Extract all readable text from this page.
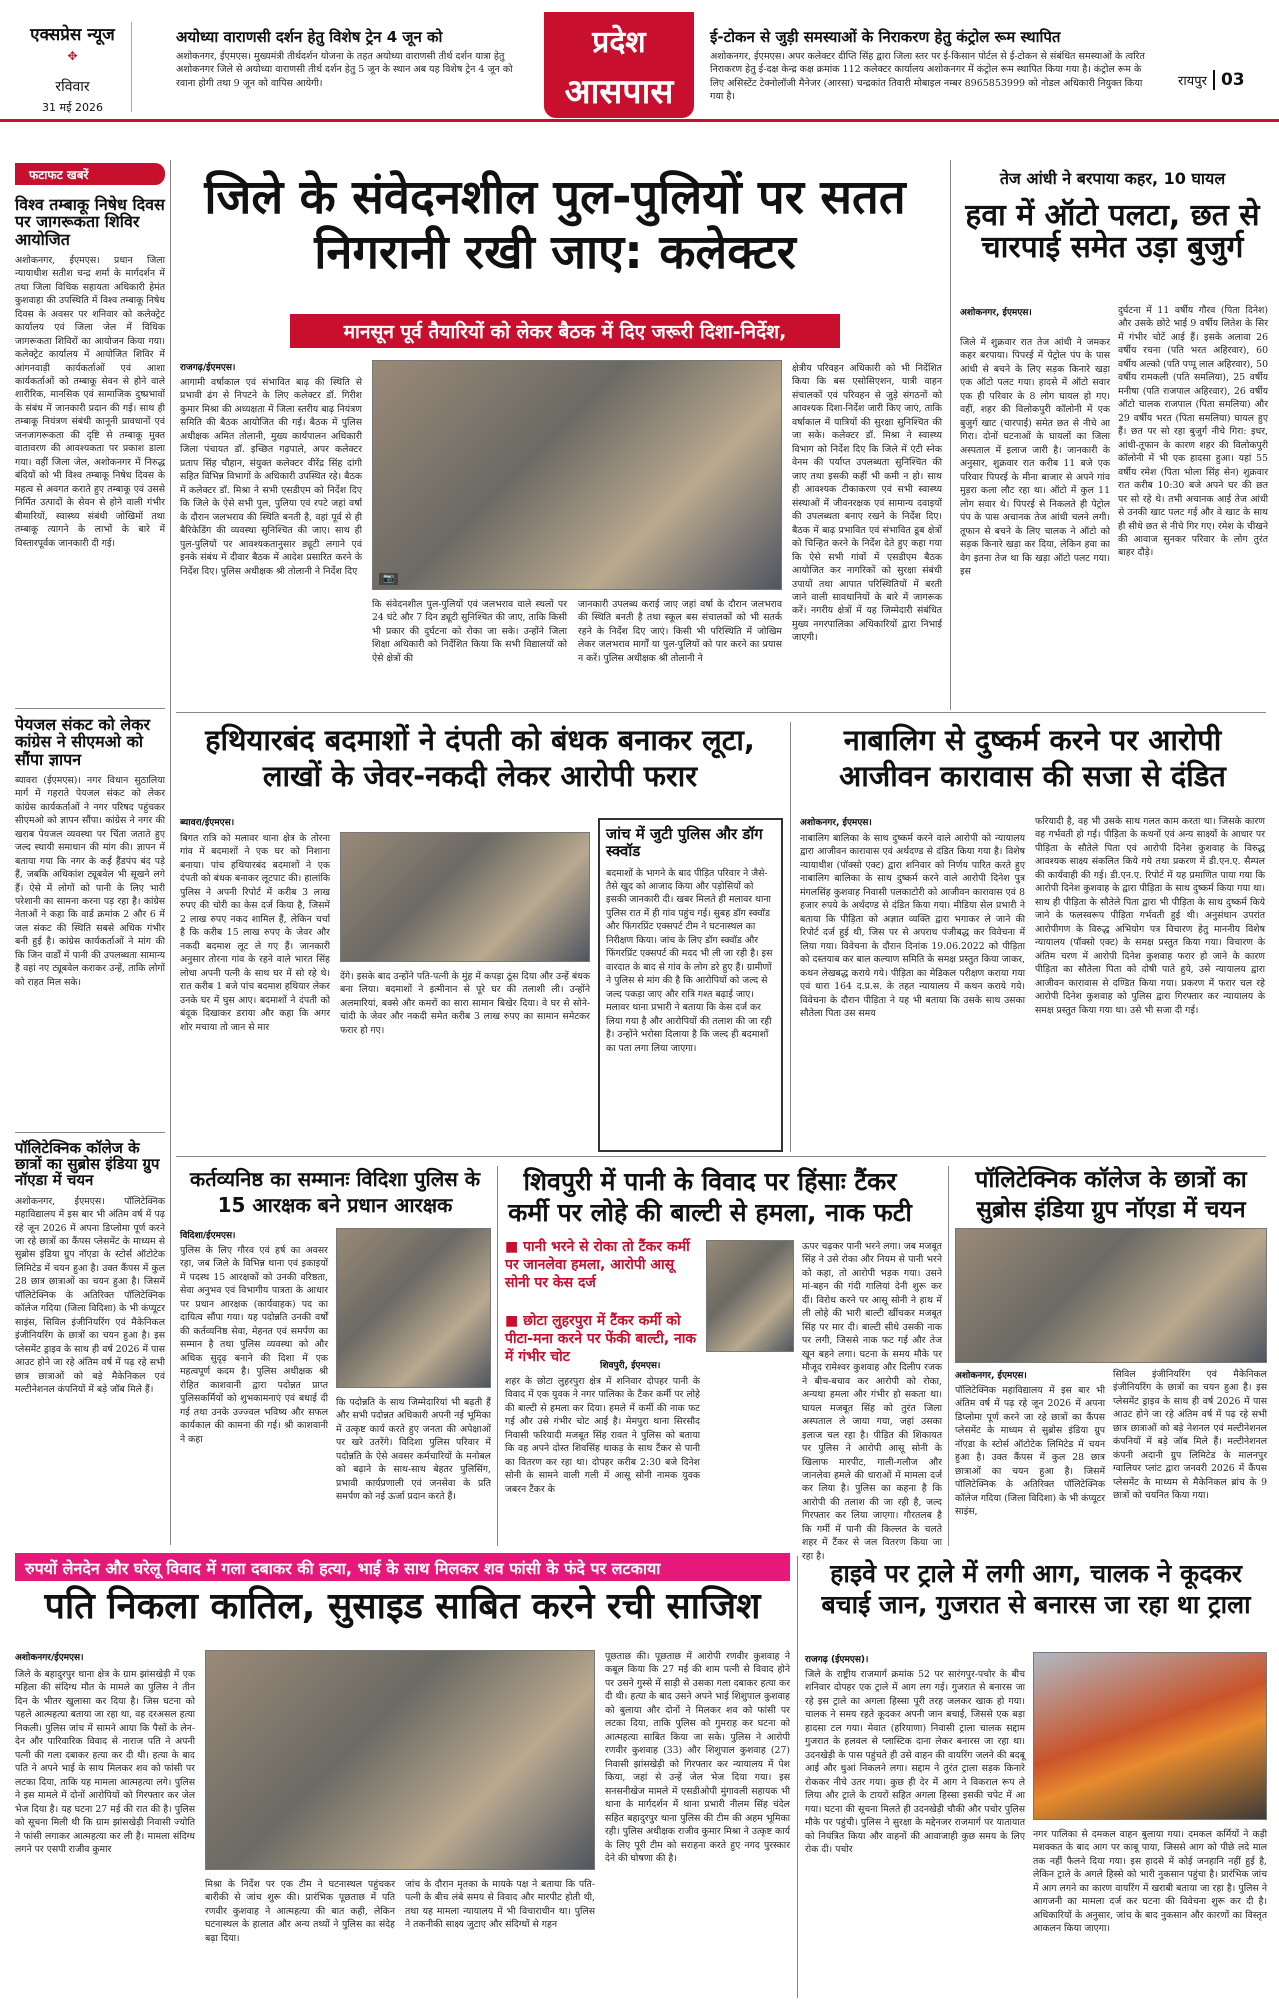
एक्सप्रेस न्यूज
✥
रविवार
31 मई 2026
अयोध्या वाराणसी दर्शन हेतु विशेष ट्रेन 4 जून को

अशोकनगर, ईएमएस। मुख्यमंत्री तीर्थदर्शन योजना के तहत अयोध्या वाराणसी तीर्थ दर्शन यात्रा हेतु अशोकनगर जिले से अयोध्या वाराणसी तीर्थ दर्शन हेतु 5 जून के स्थान अब यह विशेष ट्रेन 4 जून को रवाना होगी तथा 9 जून को वापिस आयेगी।

प्रदेश
आसपास
ई-टोकन से जुड़ी समस्याओं के निराकरण हेतु कंट्रोल रूम स्थापित

अशोकनगर, ईएमएस। अपर कलेक्टर दीप्ति सिंह द्वारा जिला स्तर पर ई-किसान पोर्टल से ई-टोकन से संबंधित समस्याओं के त्वरित निराकरण हेतु ई-दक्ष केन्द्र कक्ष क्रमांक 112 कलेक्टर कार्यालय अशोकनगर में कंट्रोल रूम स्थापित किया गया है। कंट्रोल रूम के लिए असिस्टेंट टेक्नोलॉजी मैनेजर (आरसा) चन्द्रकांत तिवारी मोबाइल नम्बर 8965853999 को नोडल अधिकारी नियुक्त किया गया है।

रायपुर 03
फटाफट खबरें
विश्व तम्बाकू निषेध दिवस पर जागरूकता शिविर आयोजित
अशोकनगर, ईएमएस। प्रधान जिला न्यायाधीश सतीश चन्द्र शर्मा के मार्गदर्शन में तथा जिला विधिक सहायता अधिकारी हेमंत कुशवाहा की उपस्थिति में विश्व तम्बाकू निषेध दिवस के अवसर पर शनिवार को कलेक्ट्रेट कार्यालय एवं जिला जेल में विधिक जागरूकता शिविरों का आयोजन किया गया। कलेक्ट्रेट कार्यालय में आयोजित शिविर में आंगनवाड़ी कार्यकर्ताओं एवं आशा कार्यकर्ताओं को तम्बाकू सेवन से होने वाले शारीरिक, मानसिक एवं सामाजिक दुष्प्रभावों के संबंध में जानकारी प्रदान की गई। साथ ही तम्बाकू नियंत्रण संबंधी कानूनी प्रावधानों एवं जनजागरूकता की दृष्टि से तम्बाकू मुक्त वातावरण की आवश्यकता पर प्रकाश डाला गया। वहीं जिला जेल, अशोकनगर में निरुद्ध बंदियों को भी विश्व तम्बाकू निषेध दिवस के महत्व से अवगत कराते हुए तम्बाकू एवं उससे निर्मित उत्पादों के सेवन से होने वाली गंभीर बीमारियों, स्वास्थ्य संबंधी जोखिमों तथा तम्बाकू त्यागने के लाभों के बारे में विस्तारपूर्वक जानकारी दी गई।
पेयजल संकट को लेकर कांग्रेस ने सीएमओ को सौंपा ज्ञापन
ब्यावरा (ईएमएस)। नगर विधान सुठालिया मार्ग में गहराते पेयजल संकट को लेकर कांग्रेस कार्यकर्ताओं ने नगर परिषद पहुंचकर सीएमओ को ज्ञापन सौंपा। कांग्रेस ने नगर की खराब पेयजल व्यवस्था पर चिंता जताते हुए जल्द स्थायी समाधान की मांग की। ज्ञापन में बताया गया कि नगर के कई हैंडपंप बंद पड़े हैं, जबकि अधिकांश ट्यूबवेल भी सूखने लगे हैं। ऐसे में लोगों को पानी के लिए भारी परेशानी का सामना करना पड़ रहा है। कांग्रेस नेताओं ने कहा कि वार्ड क्रमांक 2 और 6 में जल संकट की स्थिति सबसे अधिक गंभीर बनी हुई है। कांग्रेस कार्यकर्ताओं ने मांग की कि जिन वार्डों में पानी की उपलब्धता सामान्य है वहां नए ट्यूबवेल कराकर उन्हें, ताकि लोगों को राहत मिल सके।
पॉलिटेक्निक कॉलेज के छात्रों का सुब्रोस इंडिया ग्रुप नॉएडा में चयन
अशोकनगर, ईएमएस। पॉलिटेक्निक महाविद्यालय में इस बार भी अंतिम वर्ष में पढ़ रहे जून 2026 में अपना डिप्लोमा पूर्ण करने जा रहे छात्रों का कैंपस प्लेसमेंट के माध्यम से सुब्रोस इंडिया ग्रुप नॉएडा के स्टोर्स ऑटोटेक लिमिटेड में चयन हुआ है। उक्त कैंपस में कुल 28 छात्र छात्राओं का चयन हुआ है। जिसमें पॉलिटेक्निक के अतिरिक्त पॉलिटेक्निक कॉलेज गदिया (जिला विदिशा) के भी कंप्यूटर साइंस, सिविल इंजीनियरिंग एवं मैकेनिकल इंजीनियरिंग के छात्रों का चयन हुआ है। इस प्लेसमेंट ड्राइव के साथ ही वर्ष 2026 में पास आउट होने जा रहे अंतिम वर्ष में पढ़ रहे सभी छात्र छात्राओं को बड़े मैकेनिकल एवं मल्टीनेशनल कंपनियों में बड़े जॉब मिले हैं।
जिले के संवेदनशील पुल-पुलियों पर सतत निगरानी रखी जाए: कलेक्टर
मानसून पूर्व तैयारियों को लेकर बैठक में दिए जरूरी दिशा-निर्देश,
राजगढ़/ईएमएस।
आगामी वर्षाकाल एवं संभावित बाढ़ की स्थिति से प्रभावी ढंग से निपटने के लिए कलेक्टर डॉ. गिरीश कुमार मिश्रा की अध्यक्षता में जिला स्तरीय बाढ़ नियंत्रण समिति की बैठक आयोजित की गई। बैठक में पुलिस अधीक्षक अमित तोलानी, मुख्य कार्यपालन अधिकारी जिला पंचायत डॉ. इच्छित गढ़पाले, अपर कलेक्टर प्रताप सिंह चौहान, संयुक्त कलेक्टर वीरेंद्र सिंह दांगी सहित विभिन्न विभागों के अधिकारी उपस्थित रहे। बैठक में कलेक्टर डॉ. मिश्रा ने सभी एसडीएम को निर्देश दिए कि जिले के ऐसे सभी पुल, पुलिया एवं रपटे जहां वर्षा के दौरान जलभराव की स्थिति बनती है, वहां पूर्व से ही बैरिकेडिंग की व्यवस्था सुनिश्चित की जाए। साथ ही पुल-पुलियों पर आवश्यकतानुसार ड्यूटी लगाने एवं इनके संबंध में दीवार बैठक में आदेश प्रसारित करने के निर्देश दिए। पुलिस अधीक्षक श्री तोलानी ने निर्देश दिए
📷
कि संवेदनशील पुल-पुलियों एवं जलभराव वाले स्थलों पर 24 घंटे और 7 दिन ड्यूटी सुनिश्चित की जाए, ताकि किसी भी प्रकार की दुर्घटना को रोका जा सके। उन्होंने जिला शिक्षा अधिकारी को निर्देशित किया कि सभी विद्यालयों को ऐसे क्षेत्रों की
जानकारी उपलब्ध कराई जाए जहां वर्षा के दौरान जलभराव की स्थिति बनती है तथा स्कूल बस संचालकों को भी सतर्क रहने के निर्देश दिए जाएं। किसी भी परिस्थिति में जोखिम लेकर जलभराव मार्गों या पुल-पुलियों को पार करने का प्रयास न करें। पुलिस अधीक्षक श्री तोलानी ने
क्षेत्रीय परिवहन अधिकारी को भी निर्देशित किया कि बस एसोसिएशन, यात्री वाहन संचालकों एवं परिवहन से जुड़े संगठनों को आवश्यक दिशा-निर्देश जारी किए जाएं, ताकि वर्षाकाल में यात्रियों की सुरक्षा सुनिश्चित की जा सके। कलेक्टर डॉ. मिश्रा ने स्वास्थ्य विभाग को निर्देश दिए कि जिले में एंटी स्नेक वेनम की पर्याप्त उपलब्धता सुनिश्चित की जाए तथा इसकी कहीं भी कमी न हो। साथ ही आवश्यक टीकाकरण एवं सभी स्वास्थ्य संस्थाओं में जीवनरक्षक एवं सामान्य दवाइयों की उपलब्धता बनाए रखने के निर्देश दिए। बैठक में बाढ़ प्रभावित एवं संभावित डूब क्षेत्रों को चिन्हित करने के निर्देश देते हुए कहा गया कि ऐसे सभी गांवों में एसडीएम बैठक आयोजित कर नागरिकों को सुरक्षा संबंधी उपायों तथा आपात परिस्थितियों में बरती जाने वाली सावधानियों के बारे में जागरूक करें। नगरीय क्षेत्रों में यह जिम्मेदारी संबंधित मुख्य नगरपालिका अधिकारियों द्वारा निभाई जाएगी।
तेज आंधी ने बरपाया कहर, 10 घायल
हवा में ऑटो पलटा, छत से चारपाई समेत उड़ा बुजुर्ग
अशोकनगर, ईएमएस।
जिले में शुक्रवार रात तेज आंधी ने जमकर कहर बरपाया। पिपरई में पेट्रोल पंप के पास आंधी से बचने के लिए सड़क किनारे खड़ा एक ऑटो पलट गया। हादसे में ऑटो सवार एक ही परिवार के 8 लोग घायल हो गए। वहीं, शहर की विलोकपुरी कॉलोनी में एक बुजुर्ग खाट (चारपाई) समेत छत से नीचे आ गिरा। दोनों घटनाओं के घायलों का जिला अस्पताल में इलाज जारी है। जानकारी के अनुसार, शुक्रवार रात करीब 11 बजे एक परिवार पिपरई के मीना बाजार से अपने गांव मुड़रा कला लौट रहा था। ऑटो में कुल 11 लोग सवार थे। पिपरई से निकलते ही पेट्रोल पंप के पास अचानक तेज आंधी चलने लगी। तूफान से बचने के लिए चालक ने ऑटो को सड़क किनारे खड़ा कर दिया, लेकिन हवा का वेग इतना तेज था कि खड़ा ऑटो पलट गया। इस
दुर्घटना में 11 वर्षीय गौरव (पिता दिनेश) और उसके छोटे भाई 9 वर्षीय लितेश के सिर में गंभीर चोटें आई हैं। इसके अलावा 26 वर्षीय रचना (पति भरत अहिरवार), 60 वर्षीय अल्को (पति पप्पू लाल अहिरवार), 50 वर्षीय रामकली (पति समलिया), 25 वर्षीय मनीषा (पति राजपाल अहिरवार), 26 वर्षीय ऑटो चालक राजपाल (पिता समलिया) और 29 वर्षीय भरत (पिता समलिया) घायल हुए हैं। छत पर सो रहा बुजुर्ग नीचे गिरा: इधर, आंधी-तूफान के कारण शहर की विलोकपुरी कॉलोनी में भी एक हादसा हुआ। यहां 55 वर्षीय रमेश (पिता भोला सिंह सेन) शुक्रवार रात करीब 10:30 बजे अपने घर की छत पर सो रहे थे। तभी अचानक आई तेज आंधी से उनकी खाट पलट गई और वे खाट के साथ ही सीधे छत से नीचे गिर गए। रमेश के चीखने की आवाज सुनकर परिवार के लोग तुरंत बाहर दौड़े।
हथियारबंद बदमाशों ने दंपती को बंधक बनाकर लूटा, लाखों के जेवर-नकदी लेकर आरोपी फरार
ब्यावरा/ईएमएस।
बिगत रात्रि को मलावर थाना क्षेत्र के तोरना गांव में बदमाशों ने एक घर को निशाना बनाया। पांच हथियारबंद बदमाशों ने एक दंपती को बंधक बनाकर लूटपाट की। हालांकि पुलिस ने अपनी रिपोर्ट में करीब 3 लाख रुपए की चोरी का केस दर्ज किया है, जिसमें 2 लाख रुपए नकद शामिल हैं, लेकिन चर्चा है कि करीब 15 लाख रुपए के जेवर और नकदी बदमाश लूट ले गए हैं। जानकारी अनुसार तोरना गांव के रहने वाले भारत सिंह लोधा अपनी पत्नी के साथ घर में सो रहे थे। रात करीब 1 बजे पांच बदमाश हथियार लेकर उनके घर में घुस आए। बदमाशों ने दंपती को बंदूक दिखाकर डराया और कहा कि अगर शोर मचाया तो जान से मार
देंगे। इसके बाद उन्होंने पति-पत्नी के मुंह में कपड़ा ठूंस दिया और उन्हें बंधक बना लिया। बदमाशों ने इत्मीनान से पूरे घर की तलाशी ली। उन्होंने अलमारियां, बक्से और कमरों का सारा सामान बिखेर दिया। वे घर से सोने-चांदी के जेवर और नकदी समेत करीब 3 लाख रुपए का सामान समेटकर फरार हो गए।
जांच में जुटी पुलिस और डॉग स्क्वॉड

बदमाशों के भागने के बाद पीड़ित परिवार ने जैसे-तैसे खुद को आजाद किया और पड़ोसियों को इसकी जानकारी दी। खबर मिलते ही मलावर थाना पुलिस रात में ही गांव पहुंच गई। सुबह डॉग स्क्वॉड और फिंगरप्रिंट एक्सपर्ट टीम ने घटनास्थल का निरीक्षण किया। जांच के लिए डॉग स्क्वॉड और फिंगरप्रिंट एक्सपर्ट की मदद भी ली जा रही है। इस वारदात के बाद से गांव के लोग डरे हुए हैं। ग्रामीणों ने पुलिस से मांग की है कि आरोपियों को जल्द से जल्द पकड़ा जाए और रात्रि गश्त बढ़ाई जाए। मलावर थाना प्रभारी ने बताया कि केस दर्ज कर लिया गया है और आरोपियों की तलाश की जा रही है। उन्होंने भरोसा दिलाया है कि जल्द ही बदमाशों का पता लगा लिया जाएगा।

नाबालिग से दुष्कर्म करने पर आरोपी आजीवन कारावास की सजा से दंडित
अशोकनगर, ईएमएस।
नाबालिग बालिका के साथ दुष्कर्म करने वाले आरोपी को न्यायालय द्वारा आजीवन कारावास एवं अर्थदण्ड से दंडित किया गया है। विशेष न्यायाधीश (पॉक्सो एक्ट) द्वारा शनिवार को निर्णय पारित करते हुए नाबालिग बालिका के साथ दुष्कर्म करने वाले आरोपी दिनेश पुत्र मंगलसिंह कुशवाह निवासी पलकाटोरी को आजीवन कारावास एवं 8 हजार रुपये के अर्थदण्ड से दंडित किया गया। मीडिया सेल प्रभारी ने बताया कि पीड़िता को अज्ञात व्यक्ति द्वारा भगाकर ले जाने की रिपोर्ट दर्ज हुई थी, जिस पर से अपराध पंजीबद्ध कर विवेचना में लिया गया। विवेचना के दौरान दिनांक 19.06.2022 को पीड़िता को दस्तयाब कर बाल कल्याण समिति के समक्ष प्रस्तुत किया जाकर, कथन लेखबद्ध कराये गये। पीड़िता का मेडिकल परीक्षण कराया गया एवं धारा 164 द.प्र.स. के तहत न्यायालय में कथन कराये गये। विवेचना के दौरान पीड़िता ने यह भी बताया कि उसके साथ उसका सौतेला पिता उस समय
फरियादी है, वह भी उसके साथ गलत काम करता था। जिसके कारण वह गर्भवती हो गई। पीड़िता के कथनों एवं अन्य साक्ष्यों के आधार पर पीड़िता के सौतेले पिता एवं आरोपी दिनेश कुशवाह के विरुद्ध आवश्यक साक्ष्य संकलित किये गये तथा प्रकरण में डी.एन.ए. सैम्पल की कार्यवाही की गई। डी.एन.ए. रिपोर्ट में यह प्रमाणित पाया गया कि आरोपी दिनेश कुशवाह के द्वारा पीड़िता के साथ दुष्कर्म किया गया था। साथ ही पीड़िता के सौतेले पिता द्वारा भी पीड़िता के साथ दुष्कर्म किये जाने के फलस्वरूप पीड़िता गर्भवती हुई थी। अनुसंधान उपरांत आरोपीगण के विरुद्ध अभियोग पत्र विचारण हेतु माननीय विशेष न्यायालय (पॉक्सो एक्ट) के समक्ष प्रस्तुत किया गया। विचारण के अंतिम चरण में आरोपी दिनेश कुशवाह फरार हो जाने के कारण पीड़िता का सौतेला पिता को दोषी पाते हुये, उसे न्यायालय द्वारा आजीवन कारावास से दण्डित किया गया। प्रकरण में फरार चल रहे आरोपी दिनेश कुशवाह को पुलिस द्वारा गिरफ्तार कर न्यायालय के समक्ष प्रस्तुत किया गया था। उसे भी सजा दी गई।
कर्तव्यनिष्ठ का सम्मानः विदिशा पुलिस के 15 आरक्षक बने प्रधान आरक्षक
विदिशा/ईएमएस।
पुलिस के लिए गौरव एवं हर्ष का अवसर रहा, जब जिले के विभिन्न थाना एवं इकाइयों में पदस्थ 15 आरक्षकों को उनकी वरिष्ठता, सेवा अनुभव एवं विभागीय पात्रता के आधार पर प्रधान आरक्षक (कार्यवाहक) पद का दायित्व सौंपा गया। यह पदोन्नति उनकी वर्षों की कर्तव्यनिष्ठ सेवा, मेहनत एवं समर्पण का सम्मान है तथा पुलिस व्यवस्था को और अधिक सुदृढ़ बनाने की दिशा में एक महत्वपूर्ण कदम है। पुलिस अधीक्षक श्री रोहित काशवानी द्वारा पदोन्नत प्राप्त पुलिसकर्मियों को शुभकामनाएं एवं बधाई दी गई तथा उनके उज्ज्वल भविष्य और सफल कार्यकाल की कामना की गई। श्री काशवानी ने कहा
कि पदोन्नति के साथ जिम्मेदारियां भी बढ़ती हैं और सभी पदोन्नत अधिकारी अपनी नई भूमिका में उत्कृष्ट कार्य करते हुए जनता की अपेक्षाओं पर खरे उतरेंगे। विदिशा पुलिस परिवार में पदोन्नति के ऐसे अवसर कर्मचारियों के मनोबल को बढ़ाने के साथ-साथ बेहतर पुलिसिंग, प्रभावी कार्यप्रणाली एवं जनसेवा के प्रति समर्पण को नई ऊर्जा प्रदान करते हैं।
शिवपुरी में पानी के विवाद पर हिंसाः टैंकर कर्मी पर लोहे की बाल्टी से हमला, नाक फटी
■ पानी भरने से रोका तो टैंकर कर्मी पर जानलेवा हमला, आरोपी आसू सोनी पर केस दर्ज
■ छोटा लुहरपुरा में टैंकर कर्मी को पीटा-मना करने पर फेंकी बाल्टी, नाक में गंभीर चोट
शिवपुरी, ईएमएस।
शहर के छोटा लुहरपुरा क्षेत्र में शनिवार दोपहर पानी के विवाद में एक युवक ने नगर पालिका के टैंकर कर्मी पर लोहे की बाल्टी से हमला कर दिया। हमले में कर्मी की नाक फट गई और उसे गंभीर चोट आई है। मेमपुरा थाना सिरसौद निवासी फरियादी मजबूत सिंह रावत ने पुलिस को बताया कि वह अपने दोस्त शिवसिंह धाकड़ के साथ टैंकर से पानी का वितरण कर रहा था। दोपहर करीब 2:30 बजे दिनेश सोनी के सामने वाली गली में आसू सोनी नामक युवक जबरन टैंकर के
ऊपर चढ़कर पानी भरने लगा। जब मजबूत सिंह ने उसे रोका और नियम से पानी भरने को कहा, तो आरोपी भड़क गया। उसने मां-बहन की गंदी गालियां देनी शुरू कर दीं। विरोध करने पर आसू सोनी ने हाथ में ली लोहे की भारी बाल्टी खींचकर मजबूत सिंह पर मार दी। बाल्टी सीधे उसकी नाक पर लगी, जिससे नाक फट गई और तेज खून बहने लगा। घटना के समय मौके पर मौजूद रामेश्वर कुशवाह और दिलीप रजक ने बीच-बचाव कर आरोपी को रोका, अन्यथा हमला और गंभीर हो सकता था। घायल मजबूत सिंह को तुरंत जिला अस्पताल ले जाया गया, जहां उसका इलाज चल रहा है। पीड़ित की शिकायत पर पुलिस ने आरोपी आसू सोनी के खिलाफ मारपीट, गाली-गलौज और जानलेवा हमले की धाराओं में मामला दर्ज कर लिया है। पुलिस का कहना है कि आरोपी की तलाश की जा रही है, जल्द गिरफ्तार कर लिया जाएगा। गौरतलब है कि गर्मी में पानी की किल्लत के चलते शहर में टैंकर से जल वितरण किया जा रहा है।
पॉलिटेक्निक कॉलेज के छात्रों का सुब्रोस इंडिया ग्रुप नॉएडा में चयन
अशोकनगर, ईएमएस।
पॉलिटेक्निक महाविद्यालय में इस बार भी अंतिम वर्ष में पढ़ रहे जून 2026 में अपना डिप्लोमा पूर्ण करने जा रहे छात्रों का कैंपस प्लेसमेंट के माध्यम से सुब्रोस इंडिया ग्रुप नॉएडा के स्टोर्स ऑटोटेक लिमिटेड में चयन हुआ है। उक्त कैंपस में कुल 28 छात्र छात्राओं का चयन हुआ है। जिसमें पॉलिटेक्निक के अतिरिक्त पॉलिटेक्निक कॉलेज गदिया (जिला विदिशा) के भी कंप्यूटर साइंस,
सिविल इंजीनियरिंग एवं मैकेनिकल इंजीनियरिंग के छात्रों का चयन हुआ है। इस प्लेसमेंट ड्राइव के साथ ही वर्ष 2026 में पास आउट होने जा रहे अंतिम वर्ष में पढ़ रहे सभी छात्र छात्राओं को बड़े नेशनल एवं मल्टीनेशनल कंपनियों में बड़े जॉब मिले हैं। मल्टीनेशनल कंपनी अदानी ग्रुप लिमिटेड के मालनपुर ग्वालियर प्लांट द्वारा जनवरी 2026 में कैंपस प्लेसमेंट के माध्यम से मैकेनिकल ब्रांच के 9 छात्रों को चयनित किया गया।
रुपयों लेनदेन और घरेलू विवाद में गला दबाकर की हत्या, भाई के साथ मिलकर शव फांसी के फंदे पर लटकाया
पति निकला कातिल, सुसाइड साबित करने रची साजिश
अशोकनगर/ईएमएस।
जिले के बहादुरपुर थाना क्षेत्र के ग्राम झांसखेड़ी में एक महिला की संदिग्ध मौत के मामले का पुलिस ने तीन दिन के भीतर खुलासा कर दिया है। जिस घटना को पहले आत्महत्या बताया जा रहा था, वह दरअसल हत्या निकली। पुलिस जांच में सामने आया कि पैसों के लेन-देन और पारिवारिक विवाद से नाराज पति ने अपनी पत्नी की गला दबाकर हत्या कर दी थी। हत्या के बाद पति ने अपने भाई के साथ मिलकर शव को फांसी पर लटका दिया, ताकि यह मामला आत्महत्या लगे। पुलिस ने इस मामले में दोनों आरोपियों को गिरफ्तार कर जेल भेज दिया है। यह घटना 27 मई की रात की है। पुलिस को सूचना मिली थी कि ग्राम झांसखेड़ी निवासी ज्योति ने फांसी लगाकर आत्महत्या कर ली है। मामला संदिग्ध लगने पर एसपी राजीव कुमार
मिश्रा के निर्देश पर एक टीम ने घटनास्थल पहुंचकर बारीकी से जांच शुरू की। प्रारंभिक पूछताछ में पति रणवीर कुशवाह ने आत्महत्या की बात कही, लेकिन घटनास्थल के हालात और अन्य तथ्यों ने पुलिस का संदेह बढ़ा दिया।
जांच के दौरान मृतका के मायके पक्ष ने बताया कि पति-पत्नी के बीच लंबे समय से विवाद और मारपीट होती थी, तथा यह मामला न्यायालय में भी विचाराधीन था। पुलिस ने तकनीकी साक्ष्य जुटाए और संदिग्धों से गहन
पूछताछ की। पूछताछ में आरोपी रणवीर कुशवाह ने कबूल किया कि 27 मई की शाम पत्नी से विवाद होने पर उसने गुस्से में साड़ी से उसका गला दबाकर हत्या कर दी थी। हत्या के बाद उसने अपने भाई शिशुपाल कुशवाह को बुलाया और दोनों ने मिलकर शव को फांसी पर लटका दिया, ताकि पुलिस को गुमराह कर घटना को आत्महत्या साबित किया जा सके। पुलिस ने आरोपी रणवीर कुशवाह (33) और शिशुपाल कुशवाह (27) निवासी झांसखेड़ी को गिरफ्तार कर न्यायालय में पेश किया, जहां से उन्हें जेल भेज दिया गया। इस सनसनीखेज मामले में एसडीओपी मुंगावली सहायक भी थाना के मार्गदर्शन में थाना प्रभारी नीलम सिंह चंदेल सहित बहादुरपुर थाना पुलिस की टीम की अहम भूमिका रही। पुलिस अधीक्षक राजीव कुमार मिश्रा ने उत्कृष्ट कार्य के लिए पूरी टीम को सराहना करते हुए नगद पुरस्कार देने की घोषणा की है।
हाइवे पर ट्राले में लगी आग, चालक ने कूदकर बचाई जान, गुजरात से बनारस जा रहा था ट्राला
राजगढ़ (ईएमएस)।
जिले के राष्ट्रीय राजमार्ग क्रमांक 52 पर सारंगपुर-पचोर के बीच शनिवार दोपहर एक ट्राले में आग लग गई। गुजरात से बनारस जा रहे इस ट्राले का अगला हिस्सा पूरी तरह जलकर खाक हो गया। चालक ने समय रहते कूदकर अपनी जान बचाई, जिससे एक बड़ा हादसा टल गया। मेवात (हरियाणा) निवासी ट्राला चालक सद्दाम गुजरात के हलवल से प्लास्टिक दाना लेकर बनारस जा रहा था। उदनखेड़ी के पास पहुंचते ही उसे वाहन की वायरिंग जलने की बदबू आई और धुआं निकलने लगा। सद्दाम ने तुरंत ट्राला सड़क किनारे रोककर नीचे उतर गया। कुछ ही देर में आग ने विकराल रूप ले लिया और ट्राले के टायरों सहित अगला हिस्सा इसकी चपेट में आ गया। घटना की सूचना मिलते ही उदनखेड़ी चौकी और पचोर पुलिस मौके पर पहुंची। पुलिस ने सुरक्षा के मद्देनजर राजमार्ग पर यातायात को नियंत्रित किया और वाहनों की आवाजाही कुछ समय के लिए रोक दी। पचोर
नगर पालिका से दमकल वाहन बुलाया गया। दमकल कर्मियों ने कड़ी मशक्कत के बाद आग पर काबू पाया, जिससे आग को पीछे लदे माल तक नहीं फैलने दिया गया। इस हादसे में कोई जनहानि नहीं हुई है, लेकिन ट्राले के अगले हिस्से को भारी नुकसान पहुंचा है। प्रारंभिक जांच में आग लगने का कारण वायरिंग में खराबी बताया जा रहा है। पुलिस ने आगजनी का मामला दर्ज कर घटना की विवेचना शुरू कर दी है। अधिकारियों के अनुसार, जांच के बाद नुकसान और कारणों का विस्तृत आकलन किया जाएगा।
